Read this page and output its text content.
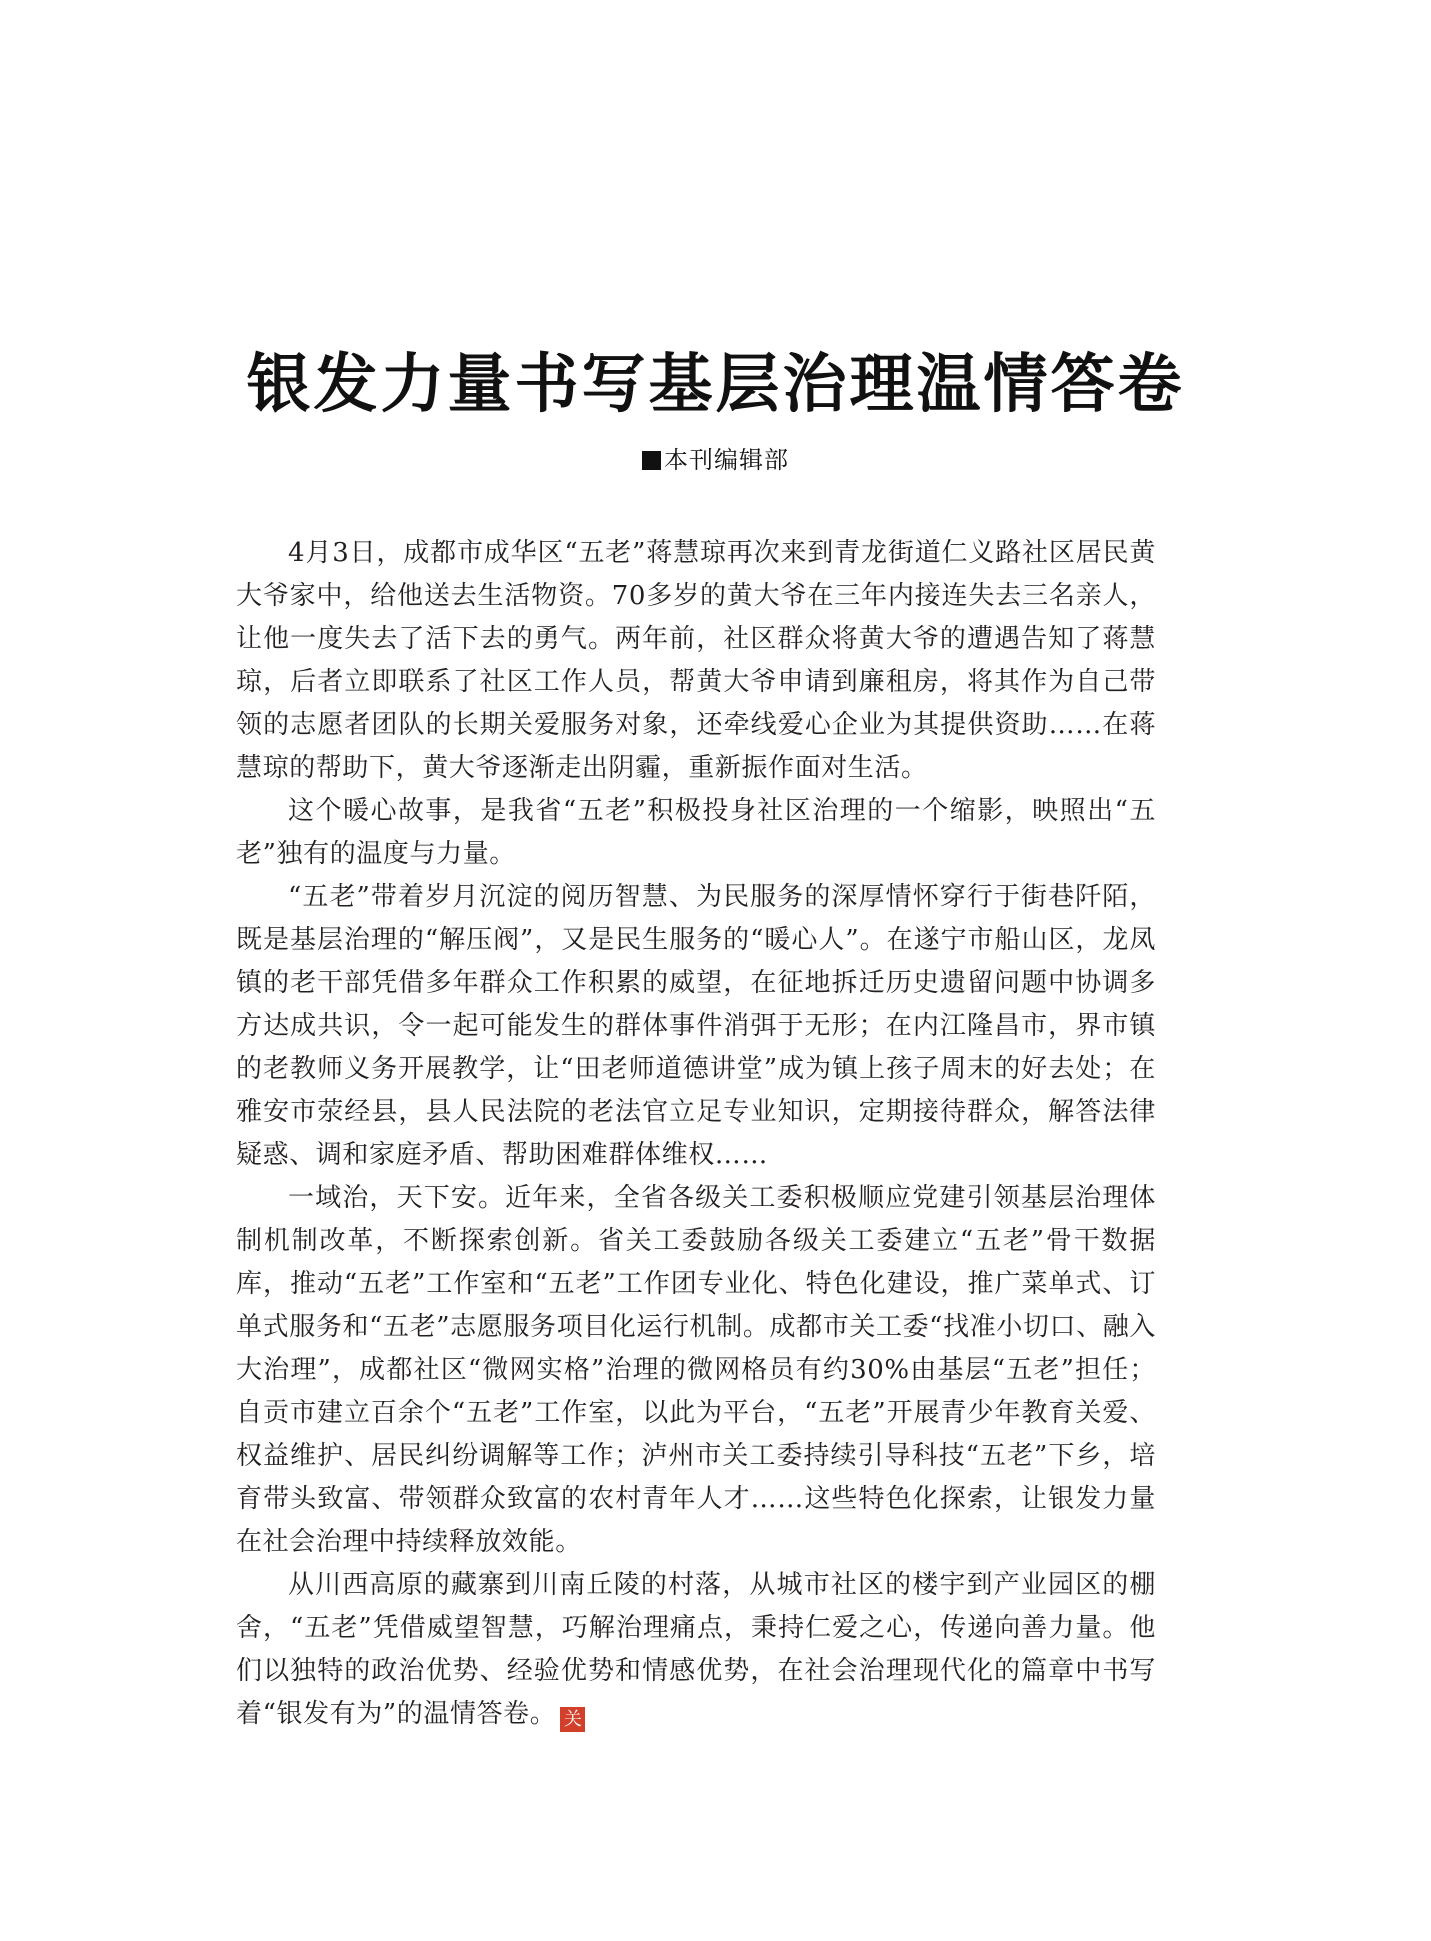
银发力量书写基层治理温情答卷
本刊编辑部

4月3日，成都市成华区“五老”蒋慧琼再次来到青龙街道仁义路社区居民黄大爷家中，给他送去生活物资。70多岁的黄大爷在三年内接连失去三名亲人，让他一度失去了活下去的勇气。两年前，社区群众将黄大爷的遭遇告知了蒋慧琼，后者立即联系了社区工作人员，帮黄大爷申请到廉租房，将其作为自己带领的志愿者团队的长期关爱服务对象，还牵线爱心企业为其提供资助……在蒋慧琼的帮助下，黄大爷逐渐走出阴霾，重新振作面对生活。

这个暖心故事，是我省“五老”积极投身社区治理的一个缩影，映照出“五老”独有的温度与力量。

“五老”带着岁月沉淀的阅历智慧、为民服务的深厚情怀穿行于街巷阡陌，既是基层治理的“解压阀”，又是民生服务的“暖心人”。在遂宁市船山区，龙凤镇的老干部凭借多年群众工作积累的威望，在征地拆迁历史遗留问题中协调多方达成共识，令一起可能发生的群体事件消弭于无形；在内江隆昌市，界市镇的老教师义务开展教学，让“田老师道德讲堂”成为镇上孩子周末的好去处；在雅安市荥经县，县人民法院的老法官立足专业知识，定期接待群众，解答法律疑惑、调和家庭矛盾、帮助困难群体维权……

一域治，天下安。近年来，全省各级关工委积极顺应党建引领基层治理体制机制改革，不断探索创新。省关工委鼓励各级关工委建立“五老”骨干数据库，推动“五老”工作室和“五老”工作团专业化、特色化建设，推广菜单式、订单式服务和“五老”志愿服务项目化运行机制。成都市关工委“找准小切口、融入大治理”，成都社区“微网实格”治理的微网格员有约30%由基层“五老”担任；自贡市建立百余个“五老”工作室，以此为平台，“五老”开展青少年教育关爱、权益维护、居民纠纷调解等工作；泸州市关工委持续引导科技“五老”下乡，培育带头致富、带领群众致富的农村青年人才……这些特色化探索，让银发力量在社会治理中持续释放效能。

从川西高原的藏寨到川南丘陵的村落，从城市社区的楼宇到产业园区的棚舍，“五老”凭借威望智慧，巧解治理痛点，秉持仁爱之心，传递向善力量。他们以独特的政治优势、经验优势和情感优势，在社会治理现代化的篇章中书写着“银发有为”的温情答卷。 关
